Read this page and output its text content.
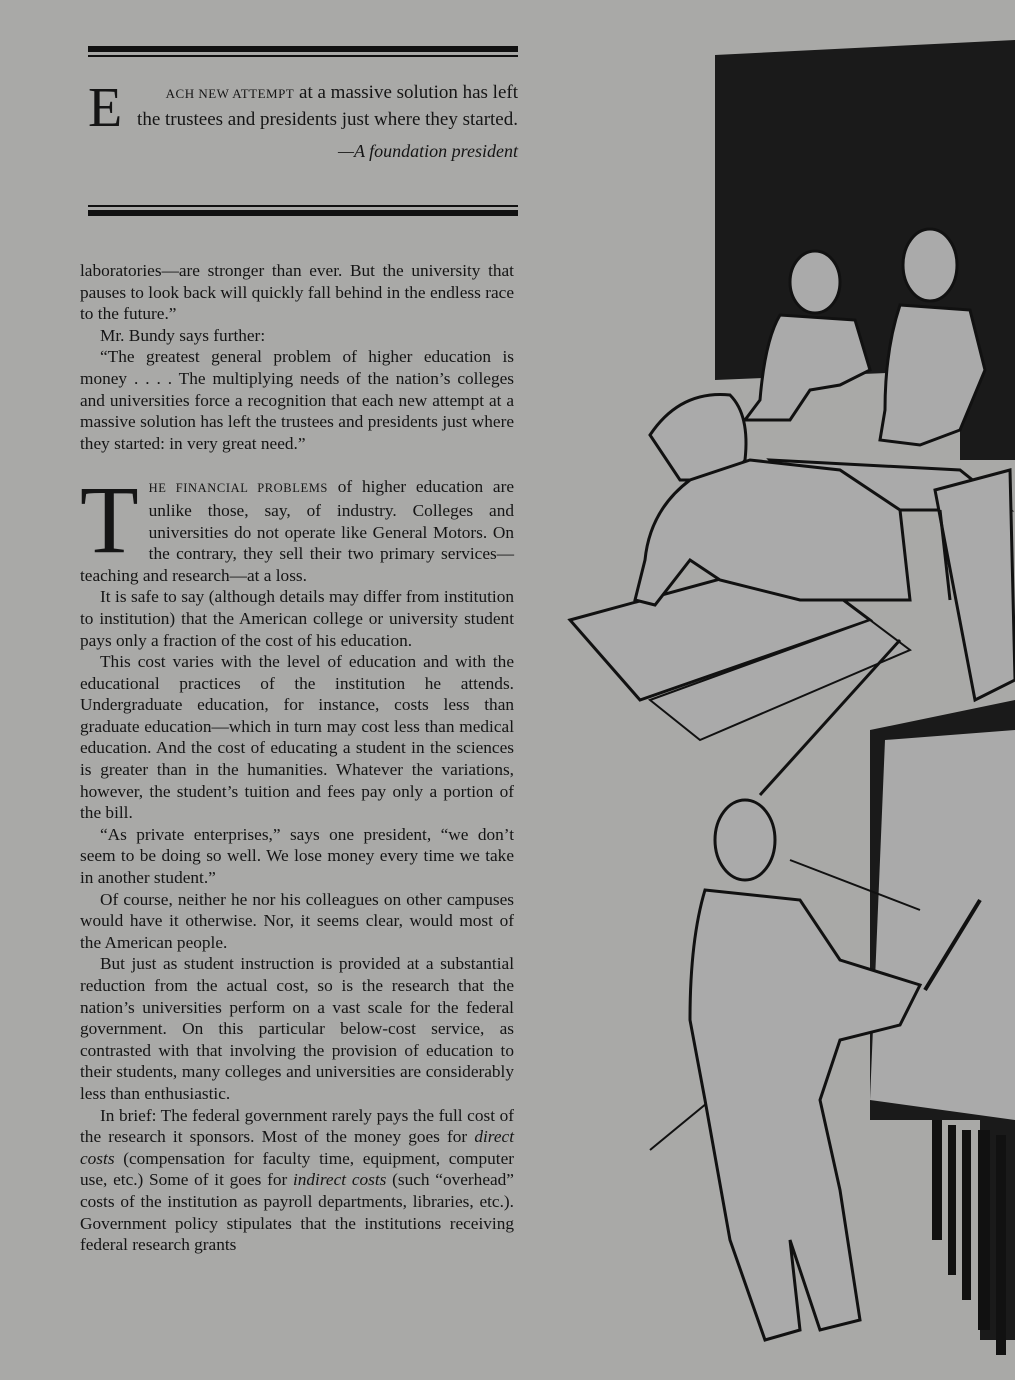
E	ACH NEW ATTEMPT at a massive solution has left

the trustees and presidents just where they started.

—A foundation president

laboratories—are stronger than ever. But the university that pauses to look back will quickly fall behind in the endless race to the future.”

Mr. Bundy says further:

“The greatest general problem of higher education is money . . . . The multiplying needs of the nation’s colleges and universities force a recognition that each new attempt at a massive solution has left the trustees and presidents just where they started: in very great need.”

THE FINANCIAL PROBLEMS of higher education are unlike those, say, of industry. Colleges and universities do not operate like General Motors. On the contrary, they sell their two primary services—teaching and research—at a loss.

It is safe to say (although details may differ from institution to institution) that the American college or university student pays only a fraction of the cost of his education.

This cost varies with the level of education and with the educational practices of the institution he attends. Undergraduate education, for instance, costs less than graduate education—which in turn may cost less than medical education. And the cost of educating a student in the sciences is greater than in the humanities. Whatever the variations, however, the student’s tuition and fees pay only a portion of the bill.

“As private enterprises,” says one president, “we don’t seem to be doing so well. We lose money every time we take in another student.”

Of course, neither he nor his colleagues on other campuses would have it otherwise. Nor, it seems clear, would most of the American people.

But just as student instruction is provided at a substantial reduction from the actual cost, so is the research that the nation’s universities perform on a vast scale for the federal government. On this particular below-cost service, as contrasted with that involving the provision of education to their students, many colleges and universities are considerably less than enthusiastic.

In brief: The federal government rarely pays the full cost of the research it sponsors. Most of the money goes for direct costs (compensation for faculty time, equipment, computer use, etc.) Some of it goes for indirect costs (such “overhead” costs of the institution as payroll departments, libraries, etc.). Government policy stipulates that the institutions receiving federal research grants
